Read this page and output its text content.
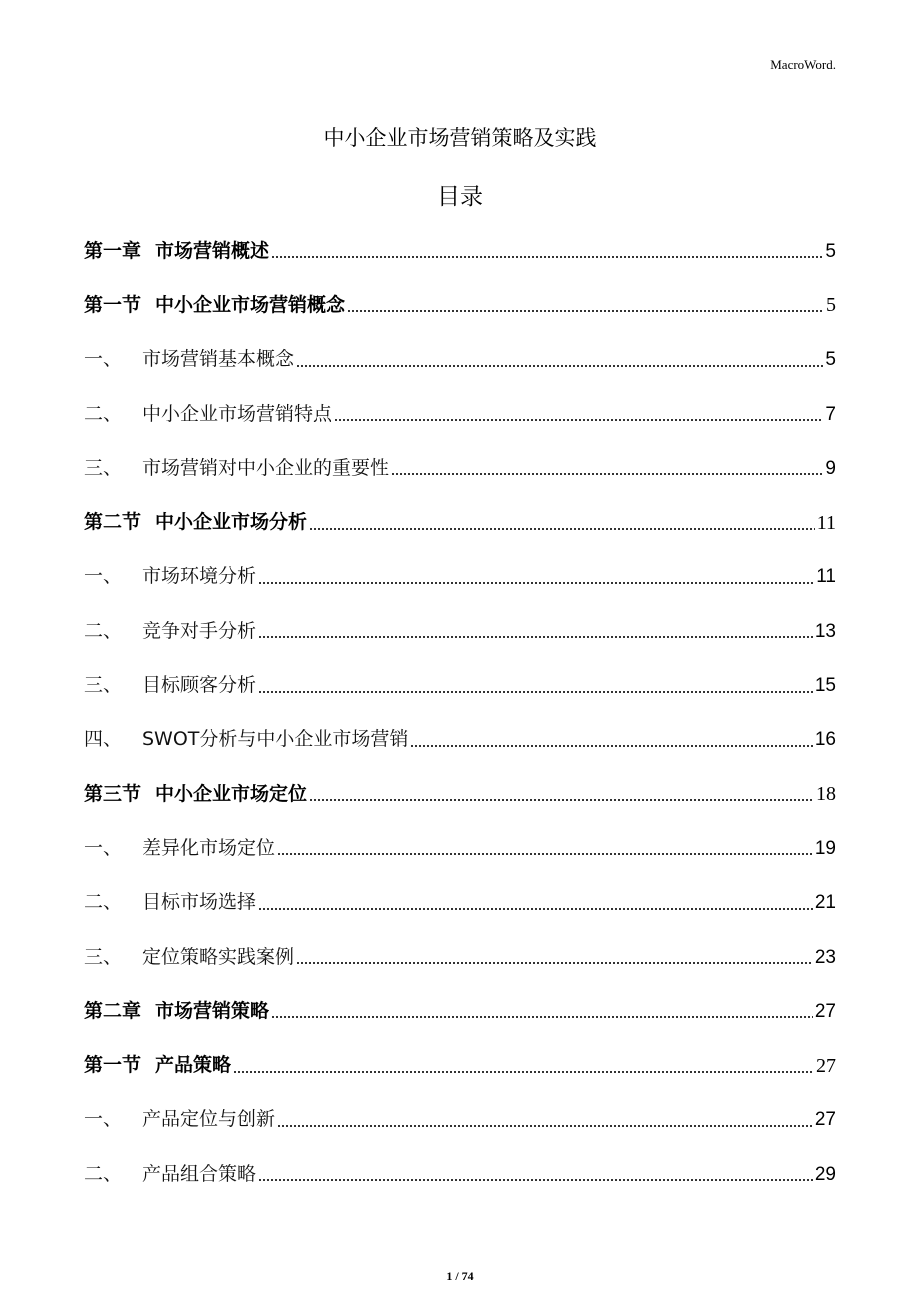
MacroWord.
中小企业市场营销策略及实践
目录
第一章 市场营销概述	5
第一节 中小企业市场营销概念	5
一、	市场营销基本概念	5
二、	中小企业市场营销特点	7
三、	市场营销对中小企业的重要性	9
第二节 中小企业市场分析	11
一、	市场环境分析	11
二、	竞争对手分析	13
三、	目标顾客分析	15
四、	SWOT分析与中小企业市场营销	16
第三节 中小企业市场定位	18
一、	差异化市场定位	19
二、	目标市场选择	21
三、	定位策略实践案例	23
第二章 市场营销策略	27
第一节 产品策略	27
一、	产品定位与创新	27
二、	产品组合策略	29
1 / 74
